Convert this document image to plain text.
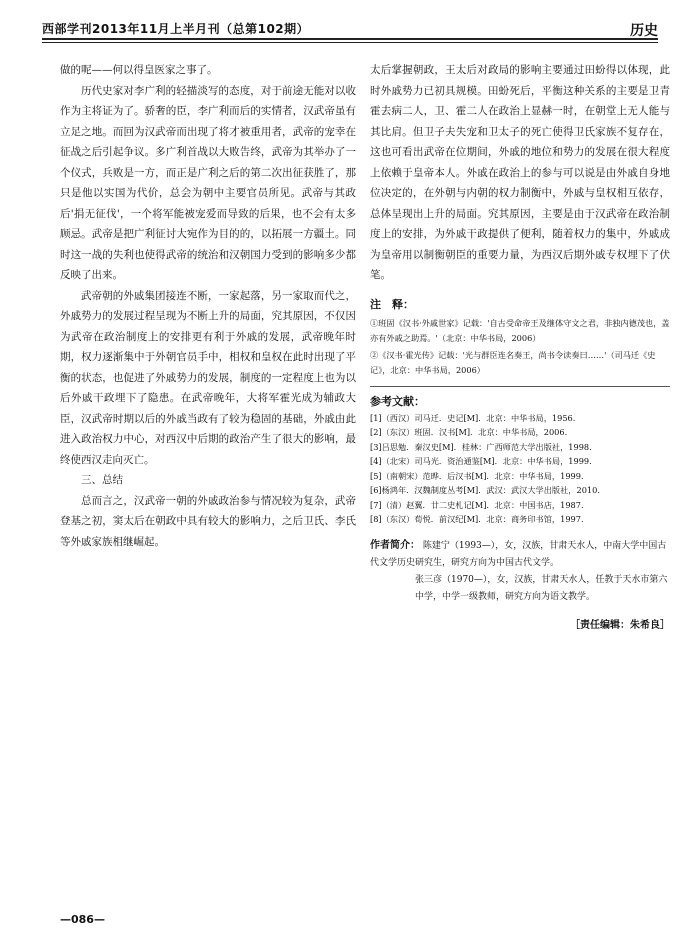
西部学刊2013年11月上半月刊（总第102期）	历史

做的呢——何以得皇医家之事了。

历代史家对李广利的轻描淡写的态度，对于前途无能对以收作为主将证为了。骄奢的臣，李广利而后的实情者，汉武帝虽有立足之地。而回为汉武帝而出现了将才被重用者，武帝的宠幸在征战之后引起争议。多广利首战以大败告终，武帝为其举办了一个仪式，兵败是一方，而正是广利之后的第二次出征获胜了，那只是他以实国为代价，总会为朝中主要官员所见。武帝与其政后'捐无征伐'，一个将军能被宠爱而导致的后果，也不会有太多顾忌。武帝是把广利征讨大宛作为目的的，以拓展一方疆土。同时这一战的失利也使得武帝的统治和汉朝国力受到的影响多少都反映了出来。

武帝朝的外戚集团接连不断，一家起落，另一家取而代之，外戚势力的发展过程呈现为不断上升的局面，究其原因，不仅因为武帝在政治制度上的安排更有利于外戚的发展，武帝晚年时期，权力逐渐集中于外朝官员手中，相权和皇权在此时出现了平衡的状态，也促进了外戚势力的发展，制度的一定程度上也为以后外戚干政埋下了隐患。在武帝晚年，大将军霍光成为辅政大臣，汉武帝时期以后的外戚当政有了较为稳固的基础，外戚由此进入政治权力中心，对西汉中后期的政治产生了很大的影响，最终使西汉走向灭亡。

三、总结

总而言之，汉武帝一朝的外戚政治参与情况较为复杂，武帝登基之初，窦太后在朝政中具有较大的影响力，之后卫氏、李氏等外戚家族相继崛起。

太后掌握朝政，王太后对政局的影响主要通过田蚡得以体现，此时外戚势力已初具规模。田蚡死后，平衡这种关系的主要是卫青霍去病二人，卫、霍二人在政治上显赫一时，在朝堂上无人能与其比肩。但卫子夫失宠和卫太子的死亡使得卫氏家族不复存在，这也可看出武帝在位期间，外戚的地位和势力的发展在很大程度上依赖于皇帝本人。外戚在政治上的参与可以说是由外戚自身地位决定的，在外朝与内朝的权力制衡中，外戚与皇权相互依存，总体呈现出上升的局面。究其原因，主要是由于汉武帝在政治制度上的安排，为外戚干政提供了便利，随着权力的集中，外戚成为皇帝用以制衡朝臣的重要力量，为西汉后期外戚专权埋下了伏笔。

注　释：
①班固《汉书·外戚世家》记载：'自古受命帝王及继体守文之君，非独内德茂也，盖亦有外戚之助焉。'（北京：中华书局，2006）
②《汉书·霍光传》记载：'光与群臣连名奏王，尚书令读奏曰……'（司马迁《史记》，北京：中华书局，2006）
参考文献：
[1]（西汉）司马迁．史记[M]．北京：中华书局，1956.
[2]（东汉）班固．汉书[M]．北京：中华书局，2006.
[3]吕思勉．秦汉史[M]．桂林：广西师范大学出版社，1998.
[4]（北宋）司马光．资治通鉴[M]．北京：中华书局，1999.
[5]（南朝宋）范晔．后汉书[M]．北京：中华书局，1999.
[6]杨鸿年．汉魏制度丛考[M]．武汉：武汉大学出版社，2010.
[7]（清）赵翼．廿二史札记[M]．北京：中国书店，1987.
[8]（东汉）荀悦．前汉纪[M]．北京：商务印书馆，1997.
作者简介： 陈建宁（1993—），女，汉族，甘肃天水人，中南大学中国古代文学历史研究生，研究方向为中国古代文学。
张三彦（1970—），女，汉族，甘肃天水人，任教于天水市第六中学，中学一级教师，研究方向为语文教学。
［责任编辑：朱希良］
—086—
